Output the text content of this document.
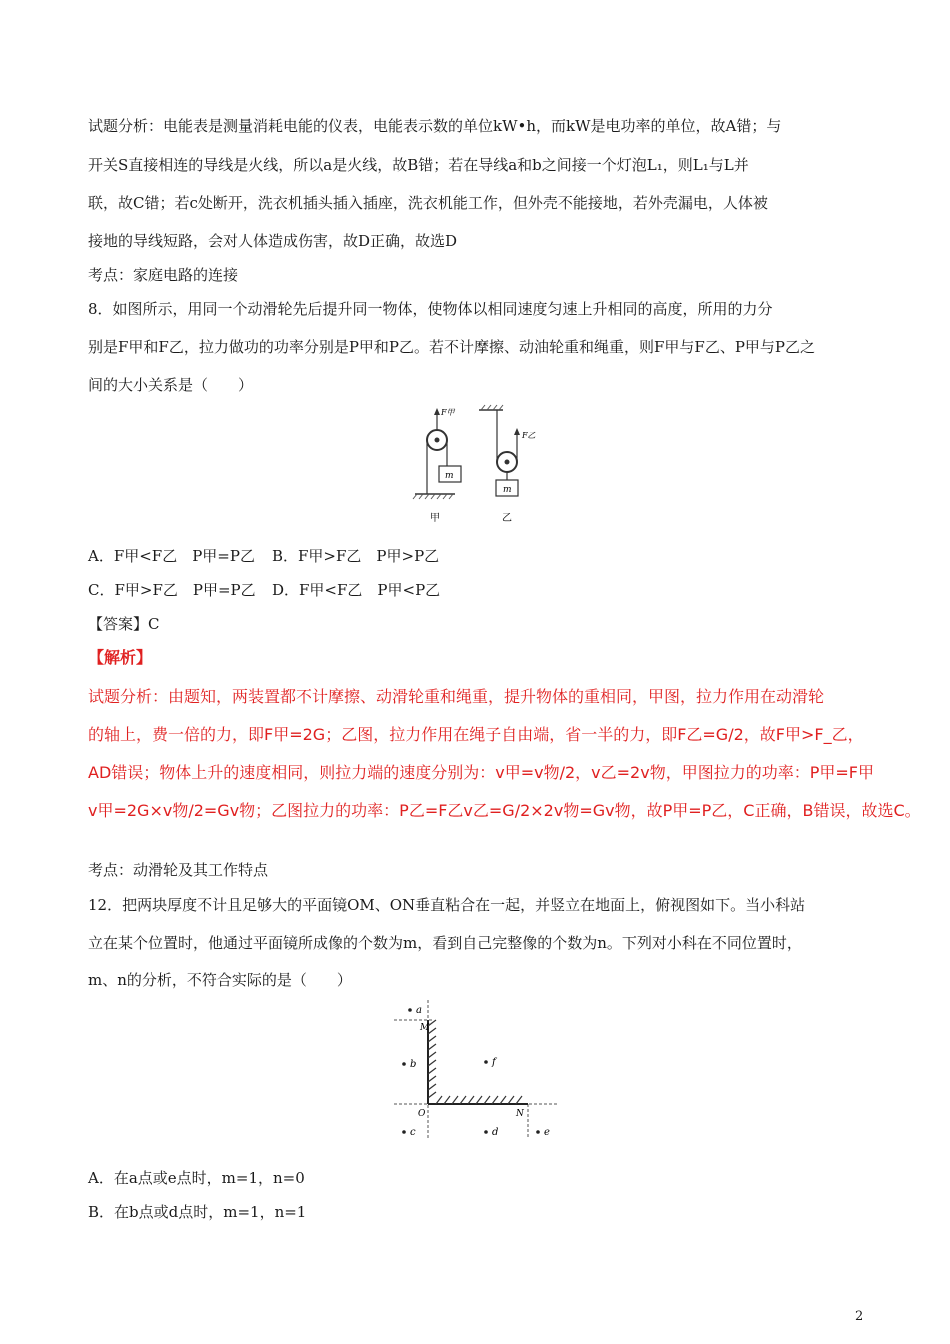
试题分析：电能表是测量消耗电能的仪表，电能表示数的单位kW•h，而kW是电功率的单位，故A错；与
开关S直接相连的导线是火线，所以a是火线，故B错；若在导线a和b之间接一个灯泡L₁，则L₁与L并
联，故C错；若c处断开，洗衣机插头插入插座，洗衣机能工作，但外壳不能接地，若外壳漏电，人体被
接地的导线短路，会对人体造成伤害，故D正确，故选D
考点：家庭电路的连接
8．如图所示，用同一个动滑轮先后提升同一物体，使物体以相同速度匀速上升相同的高度，所用的力分
别是F甲和F乙，拉力做功的功率分别是P甲和P乙。若不计摩擦、动油轮重和绳重，则F甲与F乙、P甲与P乙之
间的大小关系是（　　）
m
F甲
甲
m
F乙
乙
A．F甲<F乙　P甲=P乙 B．F甲>F乙　P甲>P乙
C．F甲>F乙　P甲=P乙 D．F甲<F乙　P甲<P乙
【答案】C
【解析】
试题分析：由题知，两装置都不计摩擦、动滑轮重和绳重，提升物体的重相同，甲图，拉力作用在动滑轮
的轴上，费一倍的力，即F甲=2G；乙图，拉力作用在绳子自由端，省一半的力，即F乙=G/2，故F甲>F_乙，
AD错误；物体上升的速度相同，则拉力端的速度分别为：v甲=v物/2，v乙=2v物，甲图拉力的功率：P甲=F甲
v甲=2G×v物/2=Gv物；乙图拉力的功率：P乙=F乙v乙=G/2×2v物=Gv物，故P甲=P乙，C正确，B错误，故选C。
考点：动滑轮及其工作特点
12．把两块厚度不计且足够大的平面镜OM、ON垂直粘合在一起，并竖立在地面上，俯视图如下。当小科站
立在某个位置时，他通过平面镜所成像的个数为m，看到自己完整像的个数为n。下列对小科在不同位置时，
m、n的分析，不符合实际的是（　　）
a
b
c	d	e
f
M
O	N
A．在a点或e点时，m=1，n=0
B．在b点或d点时，m=1，n=1
2
